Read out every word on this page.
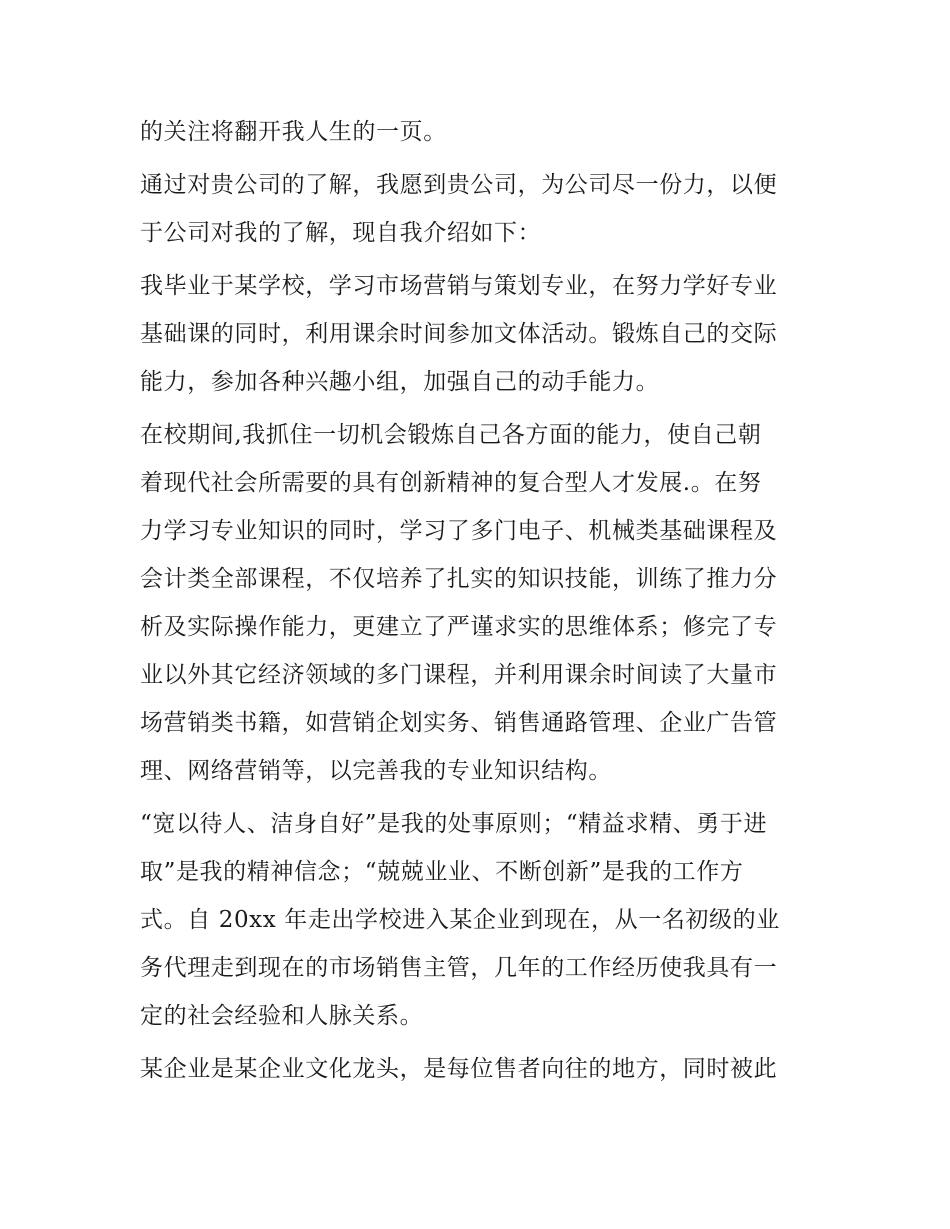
的关注将翻开我人生的一页。
通过对贵公司的了解，我愿到贵公司，为公司尽一份力，以便
于公司对我的了解，现自我介绍如下：
我毕业于某学校，学习市场营销与策划专业，在努力学好专业
基础课的同时，利用课余时间参加文体活动。锻炼自己的交际
能力，参加各种兴趣小组，加强自己的动手能力。
在校期间,我抓住一切机会锻炼自己各方面的能力，使自己朝
着现代社会所需要的具有创新精神的复合型人才发展.。在努
力学习专业知识的同时，学习了多门电子、机械类基础课程及
会计类全部课程，不仅培养了扎实的知识技能，训练了推力分
析及实际操作能力，更建立了严谨求实的思维体系；修完了专
业以外其它经济领域的多门课程，并利用课余时间读了大量市
场营销类书籍，如营销企划实务、销售通路管理、企业广告管
理、网络营销等，以完善我的专业知识结构。
“宽以待人、洁身自好”是我的处事原则；“精益求精、勇于进
取”是我的精神信念；“兢兢业业、不断创新”是我的工作方
式。自 20xx 年走出学校进入某企业到现在，从一名初级的业
务代理走到现在的市场销售主管，几年的工作经历使我具有一
定的社会经验和人脉关系。
某企业是某企业文化龙头，是每位售者向往的地方，同时被此
